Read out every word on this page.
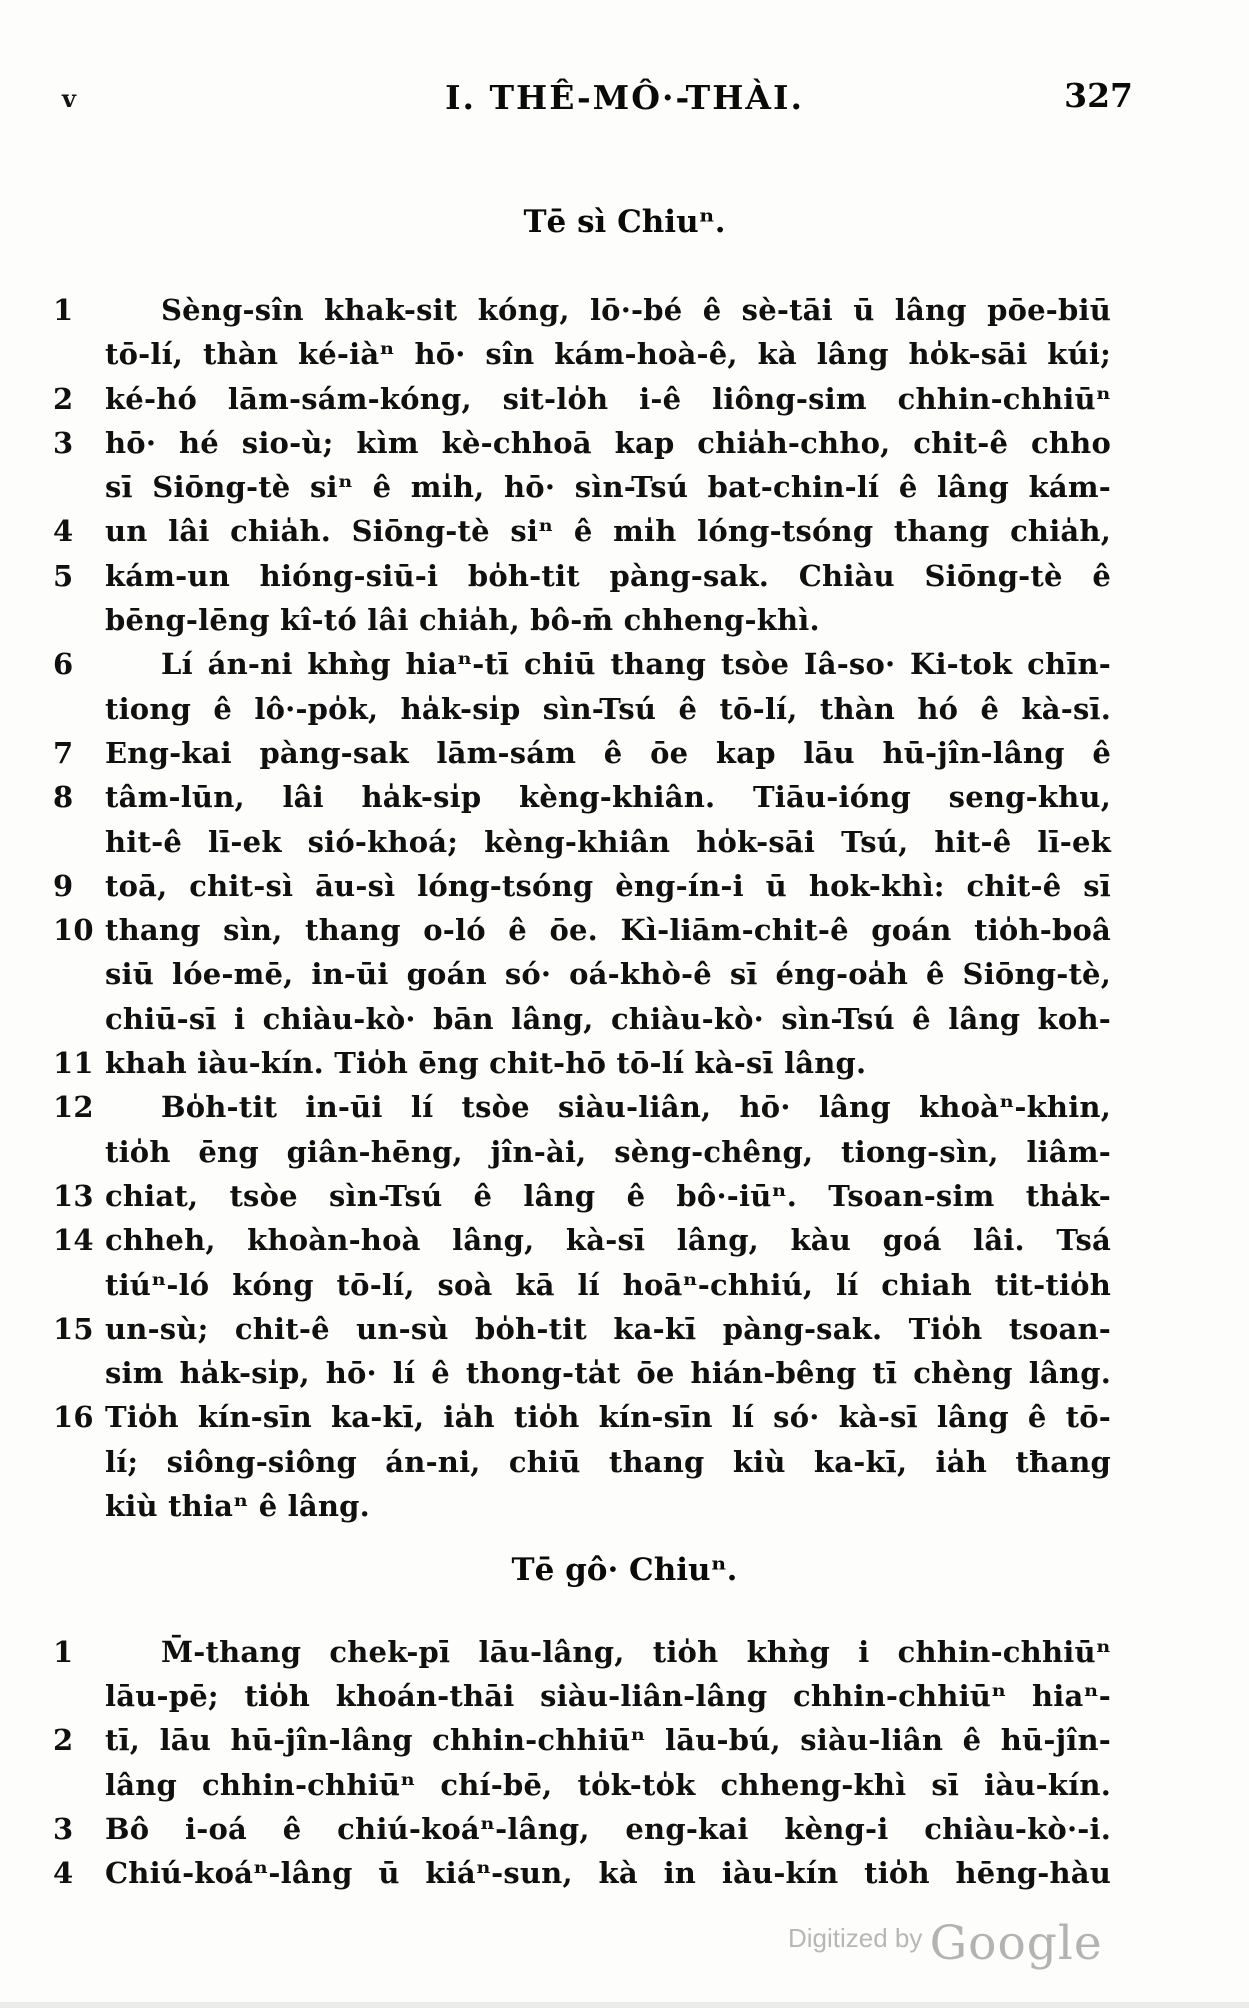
v	I. THÊ-MÔ·-THÀI.	327
Tē sì Chiuⁿ.
1	Sèng-sîn khak-sit kóng, lō·-bé ê sè-tāi ū lâng pōe-biū
tō-lí, thàn ké-iàⁿ hō· sîn kám-hoà-ê, kà lâng ho̍k-sāi kúi;
2	ké-hó lām-sám-kóng, sit-lo̍h i-ê liông-sim chhin-chhiūⁿ
3	hō· hé sio-ù; kìm kè-chhoā kap chia̍h-chho, chit-ê chho
sī Siōng-tè siⁿ ê mi̍h, hō· sìn-Tsú bat-chin-lí ê lâng kám-
4	un lâi chia̍h. Siōng-tè siⁿ ê mi̍h lóng-tsóng thang chia̍h,
5	kám-un hióng-siū-i bo̍h-tit pàng-sak. Chiàu Siōng-tè ê
bēng-lēng kî-tó lâi chia̍h, bô-m̄ chheng-khì.
6	Lí án-ni khǹg hiaⁿ-tī chiū thang tsòe Iâ-so· Ki-tok chīn-
tiong ê lô·-po̍k, ha̍k-si̍p sìn-Tsú ê tō-lí, thàn hó ê kà-sī.
7	Eng-kai pàng-sak lām-sám ê ōe kap lāu hū-jîn-lâng ê
8	tâm-lūn, lâi ha̍k-si̍p kèng-khiân. Tiāu-ióng seng-khu,
hit-ê lī-ek sió-khoá; kèng-khiân ho̍k-sāi Tsú, hit-ê lī-ek
9	toā, chit-sì āu-sì lóng-tsóng èng-ín-i ū hok-khì: chit-ê sī
10 thang sìn, thang o-ló ê ōe. Kì-liām-chit-ê goán tio̍h-boâ
siū lóe-mē, in-ūi goán só· oá-khò-ê sī éng-oa̍h ê Siōng-tè,
chiū-sī i chiàu-kò· bān lâng, chiàu-kò· sìn-Tsú ê lâng koh-
11 khah iàu-kín. Tio̍h ēng chit-hō tō-lí kà-sī lâng.
12 Bo̍h-tit in-ūi lí tsòe siàu-liân, hō· lâng khoàⁿ-khin,
tio̍h ēng giân-hēng, jîn-ài, sèng-chêng, tiong-sìn, liâm-
13 chiat, tsòe sìn-Tsú ê lâng ê bô·-iūⁿ. Tsoan-sim tha̍k-
14 chheh, khoàn-hoà lâng, kà-sī lâng, kàu goá lâi. Tsá
tiúⁿ-ló kóng tō-lí, soà kā lí hoāⁿ-chhiú, lí chiah tit-tio̍h
15 un-sù; chit-ê un-sù bo̍h-tit ka-kī pàng-sak. Tio̍h tsoan-
sim ha̍k-si̍p, hō· lí ê thong-ta̍t ōe hián-bêng tī chèng lâng.
16 Tio̍h kín-sīn ka-kī, ia̍h tio̍h kín-sīn lí só· kà-sī lâng ê tō-
lí; siông-siông án-ni, chiū thang kiù ka-kī, ia̍h tħang
kiù thiaⁿ ê lâng.
Tē gô· Chiuⁿ.
1	M̄-thang chek-pī lāu-lâng, tio̍h khǹg i chhin-chhiūⁿ
lāu-pē; tio̍h khoán-thāi siàu-liân-lâng chhin-chhiūⁿ hiaⁿ-
2	tī, lāu hū-jîn-lâng chhin-chhiūⁿ lāu-bú, siàu-liân ê hū-jîn-
lâng chhin-chhiūⁿ chí-bē, to̍k-to̍k chheng-khì sī iàu-kín.
3	Bô i-oá ê chiú-koáⁿ-lâng, eng-kai kèng-i chiàu-kò·-i.
4	Chiú-koáⁿ-lâng ū kiáⁿ-sun, kà in iàu-kín tio̍h hēng-hàu
Digitized by Google
